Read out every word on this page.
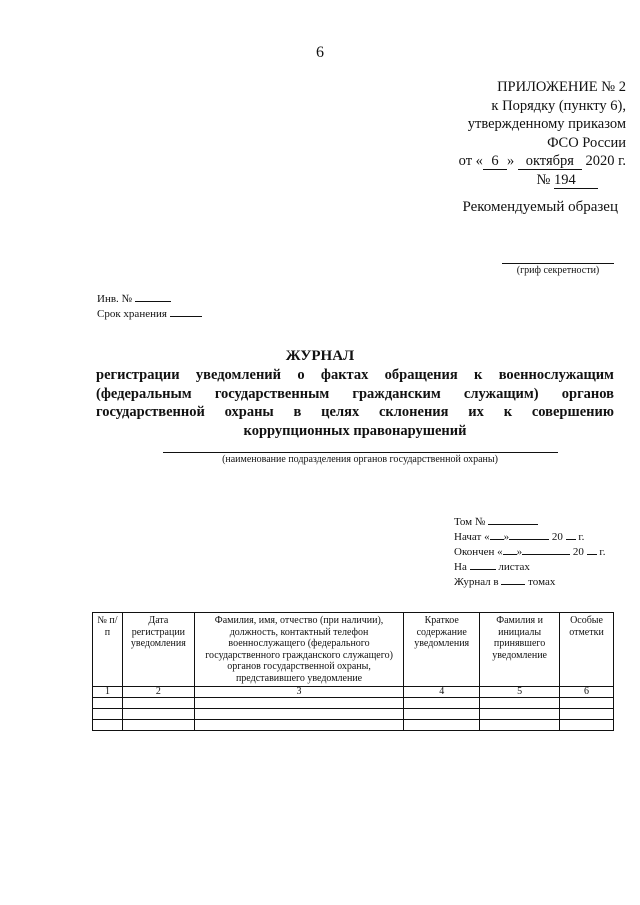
6
ПРИЛОЖЕНИЕ № 2
к Порядку (пункту 6),
утвержденному приказом
ФСО России
от « 6 » октября 2020 г.
№ 194
Рекомендуемый образец
(гриф секретности)
Инв. №
Срок хранения
ЖУРНАЛ
регистрации уведомлений о фактах обращения к военнослужащим
(федеральным государственным гражданским служащим) органов
государственной охраны в целях склонения их к совершению
коррупционных правонарушений
(наименование подразделения органов государственной охраны)
Том №
Начат « »	20 г.
Окончен « »	20 г.
На	листах
Журнал в	томах
№ п/п	Дата регистрации уведомления	Фамилия, имя, отчество (при наличии), должность, контактный телефон военнослужащего (федерального государственного гражданского служащего) органов государственной охраны, представившего уведомление	Краткое содержание уведомления	Фамилия и инициалы принявшего уведомление	Особые отметки
1	2	3	4	5	6
